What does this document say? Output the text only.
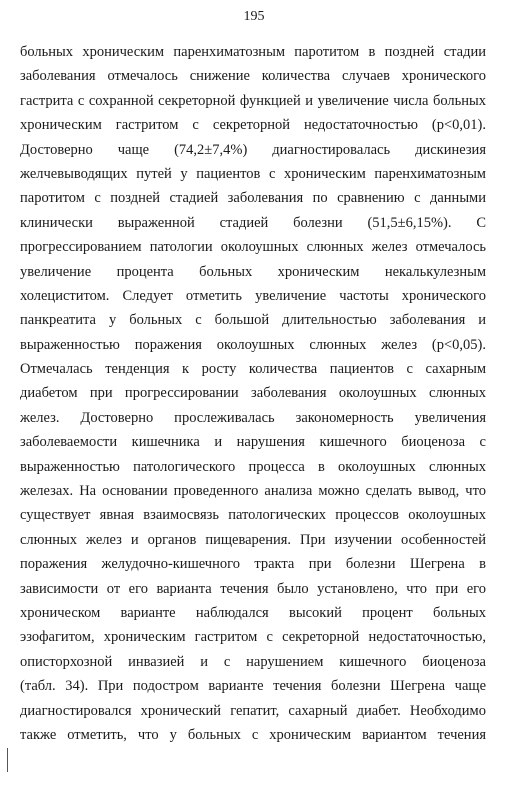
195
больных хроническим паренхиматозным паротитом в поздней стадии
заболевания отмечалось снижение количества случаев хронического
гастрита с сохранной секреторной функцией и увеличение числа больных
хроническим гастритом с секреторной недостаточностью (p<0,01).
Достоверно чаще (74,2±7,4%) диагностировалась дискинезия
желчевыводящих путей у пациентов с хроническим паренхиматозным
паротитом с поздней стадией заболевания по сравнению с данными
клинически выраженной стадией болезни (51,5±6,15%). С
прогрессированием патологии околоушных слюнных желез отмечалось
увеличение процента больных хроническим некалькулезным
холециститом. Следует отметить увеличение частоты хронического
панкреатита у больных с большой длительностью заболевания и
выраженностью поражения околоушных слюнных желез (p<0,05).
Отмечалась тенденция к росту количества пациентов с сахарным
диабетом при прогрессировании заболевания околоушных слюнных
желез. Достоверно прослеживалась закономерность увеличения
заболеваемости кишечника и нарушения кишечного биоценоза с
выраженностью патологического процесса в околоушных слюнных
железах. На основании проведенного анализа можно сделать вывод, что
существует явная взаимосвязь патологических процессов околоушных
слюнных желез и органов пищеварения. При изучении особенностей
поражения желудочно-кишечного тракта при болезни Шегрена в
зависимости от его варианта течения было установлено, что при его
хроническом варианте наблюдался высокий процент больных
эзофагитом, хроническим гастритом с секреторной недостаточностью,
описторхозной инвазией и с нарушением кишечного биоценоза
(табл. 34). При подостром варианте течения болезни Шегрена чаще
диагностировался хронический гепатит, сахарный диабет. Необходимо
также отметить, что у больных с хроническим вариантом течения
